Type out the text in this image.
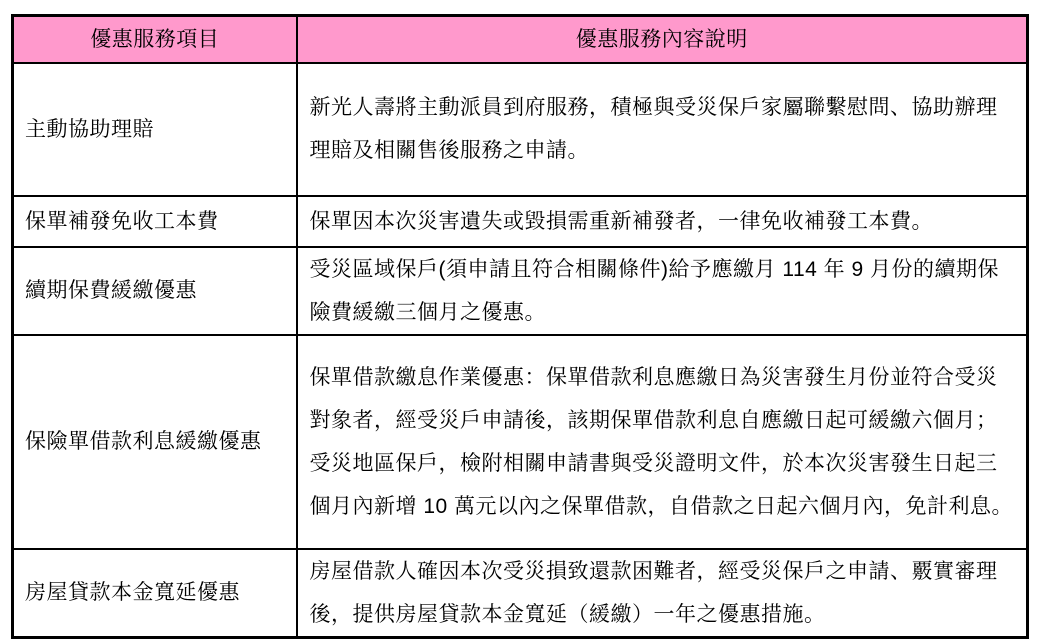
優惠服務項目	優惠服務內容說明
主動協助理賠	新光人壽將主動派員到府服務，積極與受災保戶家屬聯繫慰問、協助辦理理賠及相關售後服務之申請。
保單補發免收工本費	保單因本次災害遺失或毀損需重新補發者，一律免收補發工本費。
續期保費緩繳優惠	受災區域保戶(須申請且符合相關條件)給予應繳月 114 年 9 月份的續期保險費緩繳三個月之優惠。
保險單借款利息緩繳優惠	保單借款繳息作業優惠：保單借款利息應繳日為災害發生月份並符合受災對象者，經受災戶申請後，該期保單借款利息自應繳日起可緩繳六個月；受災地區保戶，檢附相關申請書與受災證明文件，於本次災害發生日起三個月內新增 10 萬元以內之保單借款，自借款之日起六個月內，免計利息。
房屋貸款本金寬延優惠	房屋借款人確因本次受災損致還款困難者，經受災保戶之申請、覈實審理後，提供房屋貸款本金寬延（緩繳）一年之優惠措施。
